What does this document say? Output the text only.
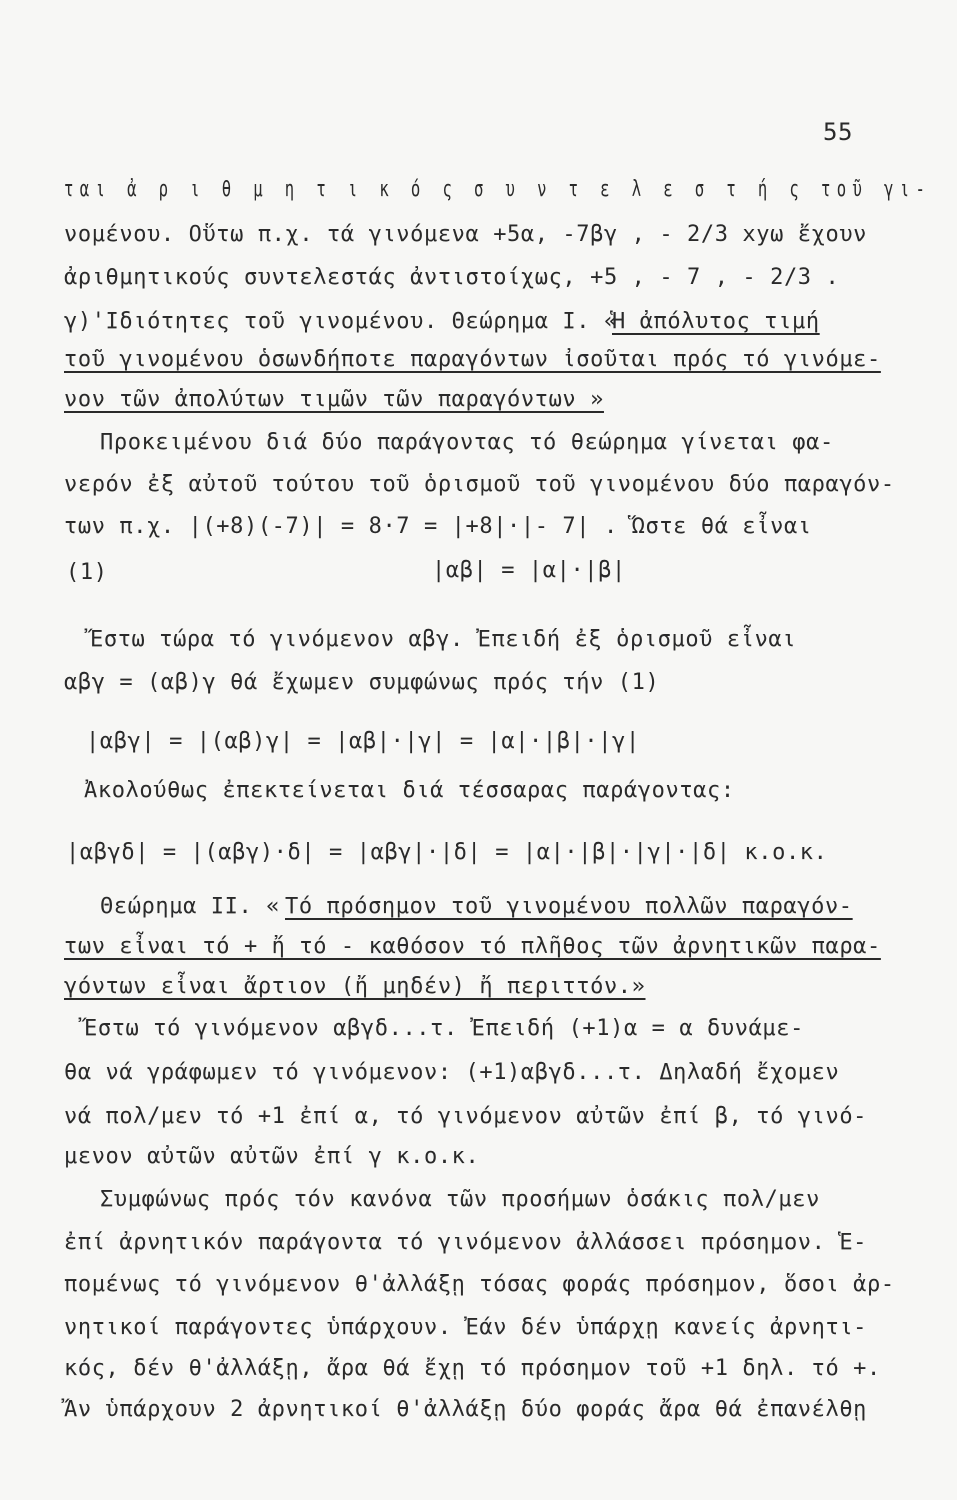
55
ται ἀ ρ ι θ μ η τ ι κ ό ς σ υ ν τ ε λ ε σ τ ή ς τοῦ γι-
νομένου. Οὕτω π.χ. τά γινόμενα +5α, -7βγ , - 2/3 xyω ἔχουν
ἀριθμητικούς συντελεστάς ἀντιστοίχως, +5 , - 7 , - 2/3 .
γ)'Ιδιότητες τοῦ γινομένου. Θεώρημα Ι. «
Ἡ ἀπόλυτος τιμή
τοῦ γινομένου ὁσωνδήποτε παραγόντων ἰσοῦται πρός τό γινόμε-
νον τῶν ἀπολύτων τιμῶν τῶν παραγόντων »
Προκειμένου διά δύο παράγοντας τό θεώρημα γίνεται φα-
νερόν ἐξ αὐτοῦ τούτου τοῦ ὁρισμοῦ τοῦ γινομένου δύο παραγόν-
των π.χ. |(+8)(-7)| = 8·7 = |+8|·|- 7| . Ὥστε θά εἶναι
(1)	|αβ| = |α|·|β|
Ἔστω τώρα τό γινόμενον αβγ. Ἐπειδή ἐξ ὁρισμοῦ εἶναι
αβγ = (αβ)γ θά ἔχωμεν συμφώνως πρός τήν (1)
|αβγ| = |(αβ)γ| = |αβ|·|γ| = |α|·|β|·|γ|
Ἀκολούθως ἐπεκτείνεται διά τέσσαρας παράγοντας:
|αβγδ| = |(αβγ)·δ| = |αβγ|·|δ| = |α|·|β|·|γ|·|δ| κ.ο.κ.
Θεώρημα ΙΙ. « Τό πρόσημον τοῦ γινομένου πολλῶν παραγόν-
των εἶναι τό + ἤ τό - καθόσον τό πλῆθος τῶν ἀρνητικῶν παρα-
γόντων εἶναι ἄρτιον (ἤ μηδέν) ἤ περιττόν.»
Ἔστω τό γινόμενον αβγδ...τ. Ἐπειδή (+1)α = α δυνάμε-
θα νά γράφωμεν τό γινόμενον: (+1)αβγδ...τ. Δηλαδή ἔχομεν
νά πολ/μεν τό +1 ἐπί α, τό γινόμενον αὐτῶν ἐπί β, τό γινό-
μενον αὐτῶν αὐτῶν ἐπί γ κ.ο.κ.
Συμφώνως πρός τόν κανόνα τῶν προσήμων ὁσάκις πολ/μεν
ἐπί ἀρνητικόν παράγοντα τό γινόμενον ἀλλάσσει πρόσημον. Ἑ-
πομένως τό γινόμενον θ'ἀλλάξῃ τόσας φοράς πρόσημον, ὅσοι ἀρ-
νητικοί παράγοντες ὑπάρχουν. Ἐάν δέν ὑπάρχῃ κανείς ἀρνητι-
κός, δέν θ'ἀλλάξῃ, ἄρα θά ἔχῃ τό πρόσημον τοῦ +1 δηλ. τό +.
Ἄν ὑπάρχουν 2 ἀρνητικοί θ'ἀλλάξῃ δύο φοράς ἄρα θά ἐπανέλθῃ
